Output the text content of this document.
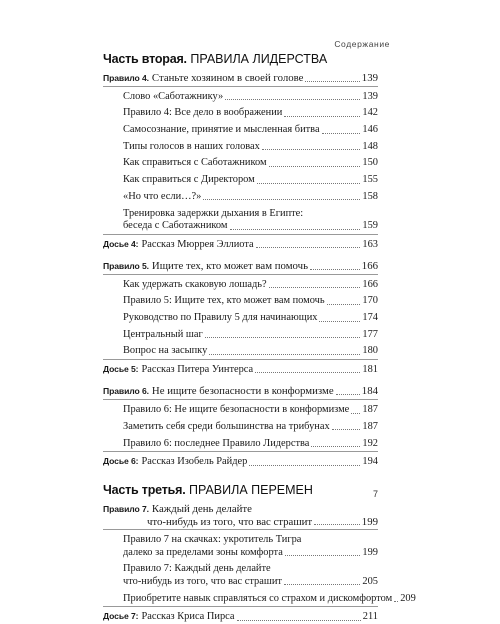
Содержание
Часть вторая. ПРАВИЛА ЛИДЕРСТВА
Правило 4. Станьте хозяином в своей голове	139
Слово «Саботажнику»	139
Правило 4: Все дело в воображении	142
Самосознание, принятие и мысленная битва	146
Типы голосов в наших головах	148
Как справиться с Саботажником	150
Как справиться с Директором	155
«Но что если…?»	158
Тренировка задержки дыхания в Египте:
беседа с Саботажником	159
Досье 4: Рассказ Мюррея Эллиота	163
Правило 5. Ищите тех, кто может вам помочь	166
Как удержать скаковую лошадь?	166
Правило 5: Ищите тех, кто может вам помочь	170
Руководство по Правилу 5 для начинающих	174
Центральный шаг	177
Вопрос на засыпку	180
Досье 5: Рассказ Питера Уинтерса	181
Правило 6. Не ищите безопасности в конформизме	184
Правило 6: Не ищите безопасности в конформизме 187
Заметить себя среди большинства на трибунах	187
Правило 6: последнее Правило Лидерства	192
Досье 6: Рассказ Изобель Райдер	194
Часть третья. ПРАВИЛА ПЕРЕМЕН
Правило 7. Каждый день делайте
что-нибудь из того, что вас страшит	199
Правило 7 на скачках: укротитель Тигра
далеко за пределами зоны комфорта	199
Правило 7: Каждый день делайте
что-нибудь из того, что вас страшит	205
Приобретите навык справляться со страхом и дискомфортом 209
Досье 7: Рассказ Криса Пирса	211
7
